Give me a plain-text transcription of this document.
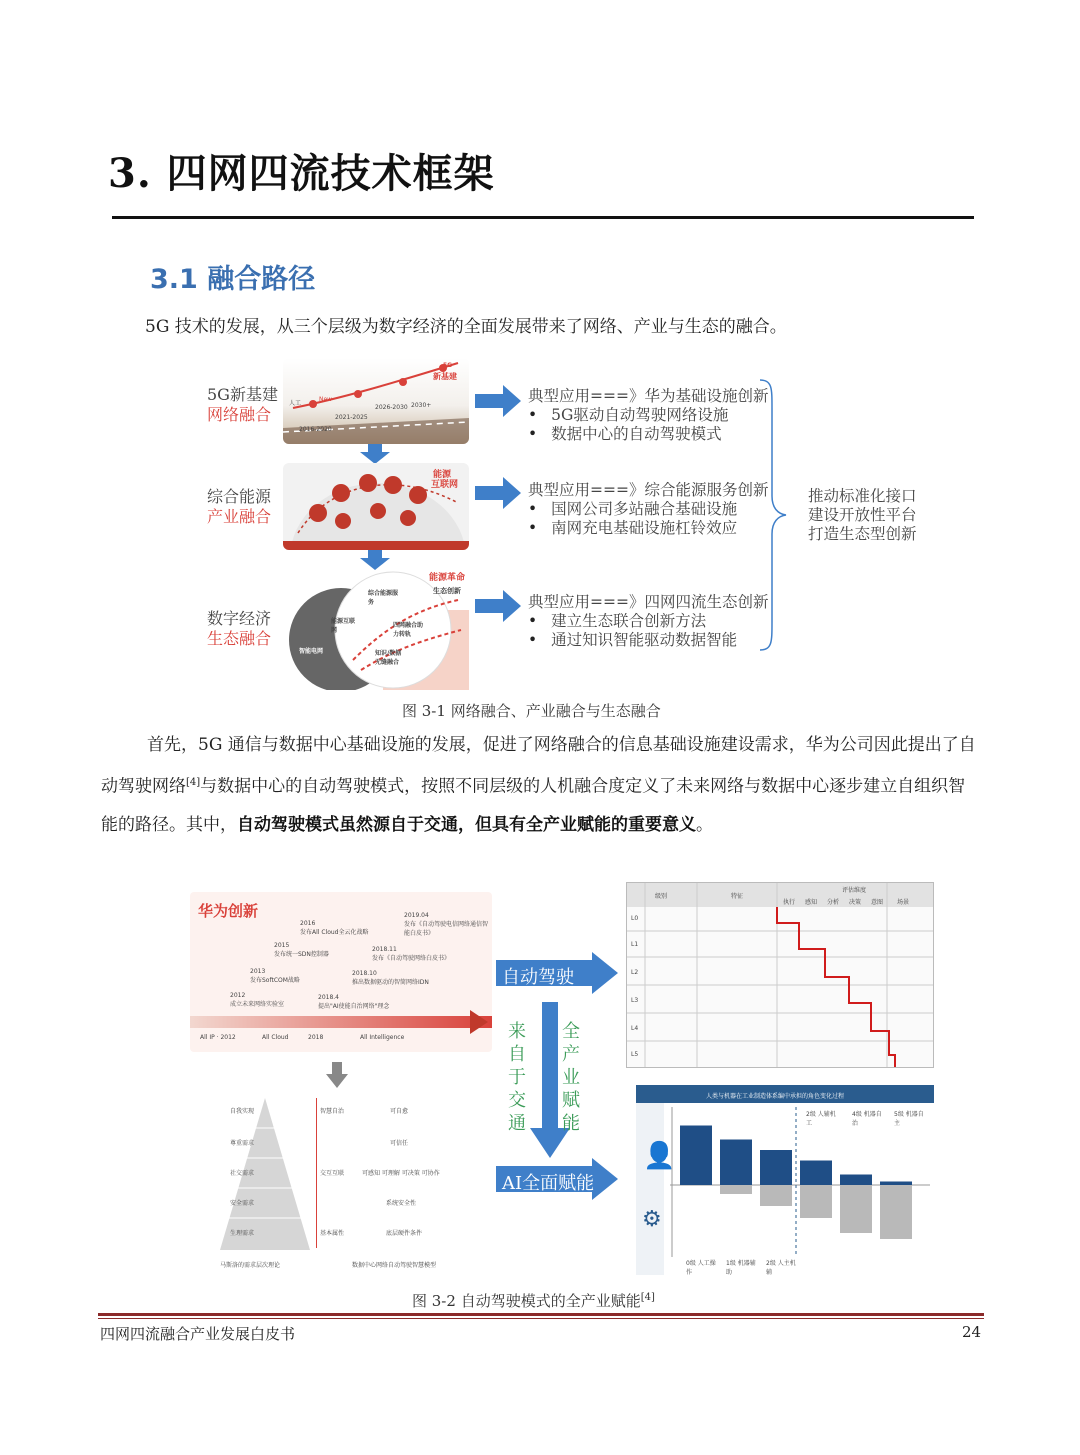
3. 四网四流技术框架
3.1 融合路径
5G 技术的发展，从三个层级为数字经济的全面发展带来了网络、产业与生态的融合。
5G新基建
网络融合
综合能源
产业融合
数字经济
生态融合
人工
2016-2020
2021-2025
2026-2030 2030+
New
5G
新基建
能源
互联网
能源革命
生态创新
综合能源服务
能源互联网
四网融合助力转轨
知识/数据无缝融合
智能电网
典型应用===》华为基础设施创新
• 5G驱动自动驾驶网络设施
• 数据中心的自动驾驶模式
典型应用===》综合能源服务创新
• 国网公司多站融合基础设施
• 南网充电基础设施杠铃效应
典型应用===》四网四流生态创新
• 建立生态联合创新方法
• 通过知识智能驱动数据智能
推动标准化接口
建设开放性平台
打造生态型创新
图 3-1 网络融合、产业融合与生态融合
首先，5G 通信与数据中心基础设施的发展，促进了网络融合的信息基础设施建设需求，华为公司因此提出了自动驾驶网络[4]与数据中心的自动驾驶模式，按照不同层级的人机融合度定义了未来网络与数据中心逐步建立自组织智能的路径。其中，自动驾驶模式虽然源自于交通，但具有全产业赋能的重要意义。
华为创新
2012
成立未来网络实验室
2013
发布SoftCOM战略
2015
发布统一SDN控制器
2016
发布All Cloud全云化战略
2018.4
提出"AI使能自治网络"理念
2018.10
推出数据驱动的智简网络IDN
2018.11
发布《自动驾驶网络白皮书》
2019.04
发布《自动驾驶电信网络通信智能白皮书》
All IP · 2012	All Cloud	2018	All Intelligence
自我实现
尊重需求
社交需求
安全需求
生理需求
马斯洛的需求层次理论
智慧自治
交互互联
基本属性
可自愈
可信任
可感知 可理解 可决策 可协作
系统安全性
底层硬件条件
数据中心网络自动驾驶智慧模型
自动驾驶
AI全面赋能
来自于交通
全产业赋能
级别	特征
评估维度
执行 感知 分析 决策 意图 场景
L0
L1
L2
L3
L4
L5
人类与机器在工业制造体系编中承担的角色变化过程
👤
⚙
2级 人辅机工
4级 机器自治
5级 机器自主
0级 人工操作
1级 机器辅助
2级 人主机辅
图 3-2 自动驾驶模式的全产业赋能[4]
四网四流融合产业发展白皮书	24
